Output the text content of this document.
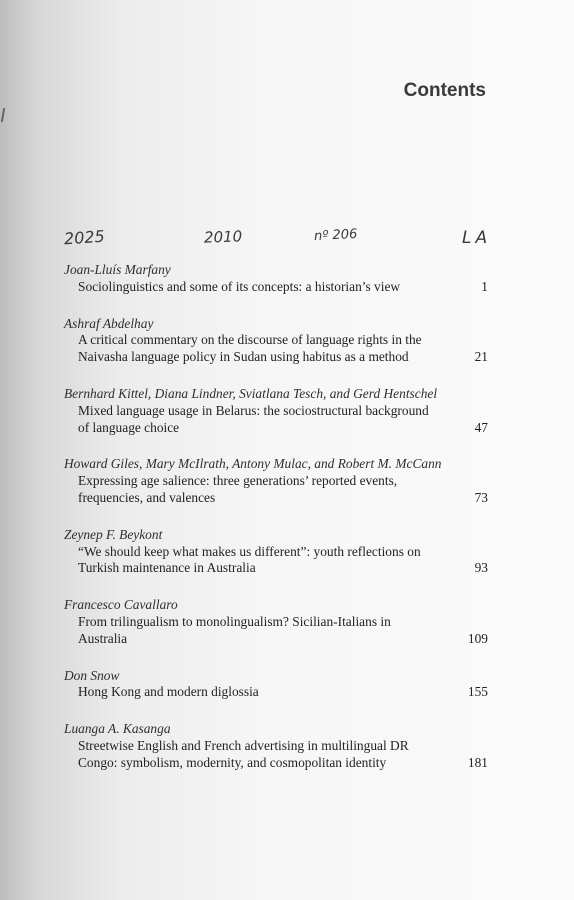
Contents
2025	2010	nº 206	LA
Joan-Lluís Marfany
Sociolinguistics and some of its concepts: a historian’s view	1
Ashraf Abdelhay
A critical commentary on the discourse of language rights in the Naivasha language policy in Sudan using habitus as a method	21
Bernhard Kittel, Diana Lindner, Sviatlana Tesch, and Gerd Hentschel
Mixed language usage in Belarus: the sociostructural background of language choice	47
Howard Giles, Mary McIlrath, Antony Mulac, and Robert M. McCann
Expressing age salience: three generations’ reported events, frequencies, and valences	73
Zeynep F. Beykont
“We should keep what makes us different”: youth reflections on Turkish maintenance in Australia	93
Francesco Cavallaro
From trilingualism to monolingualism? Sicilian-Italians in Australia	109
Don Snow
Hong Kong and modern diglossia	155
Luanga A. Kasanga
Streetwise English and French advertising in multilingual DR Congo: symbolism, modernity, and cosmopolitan identity	181
